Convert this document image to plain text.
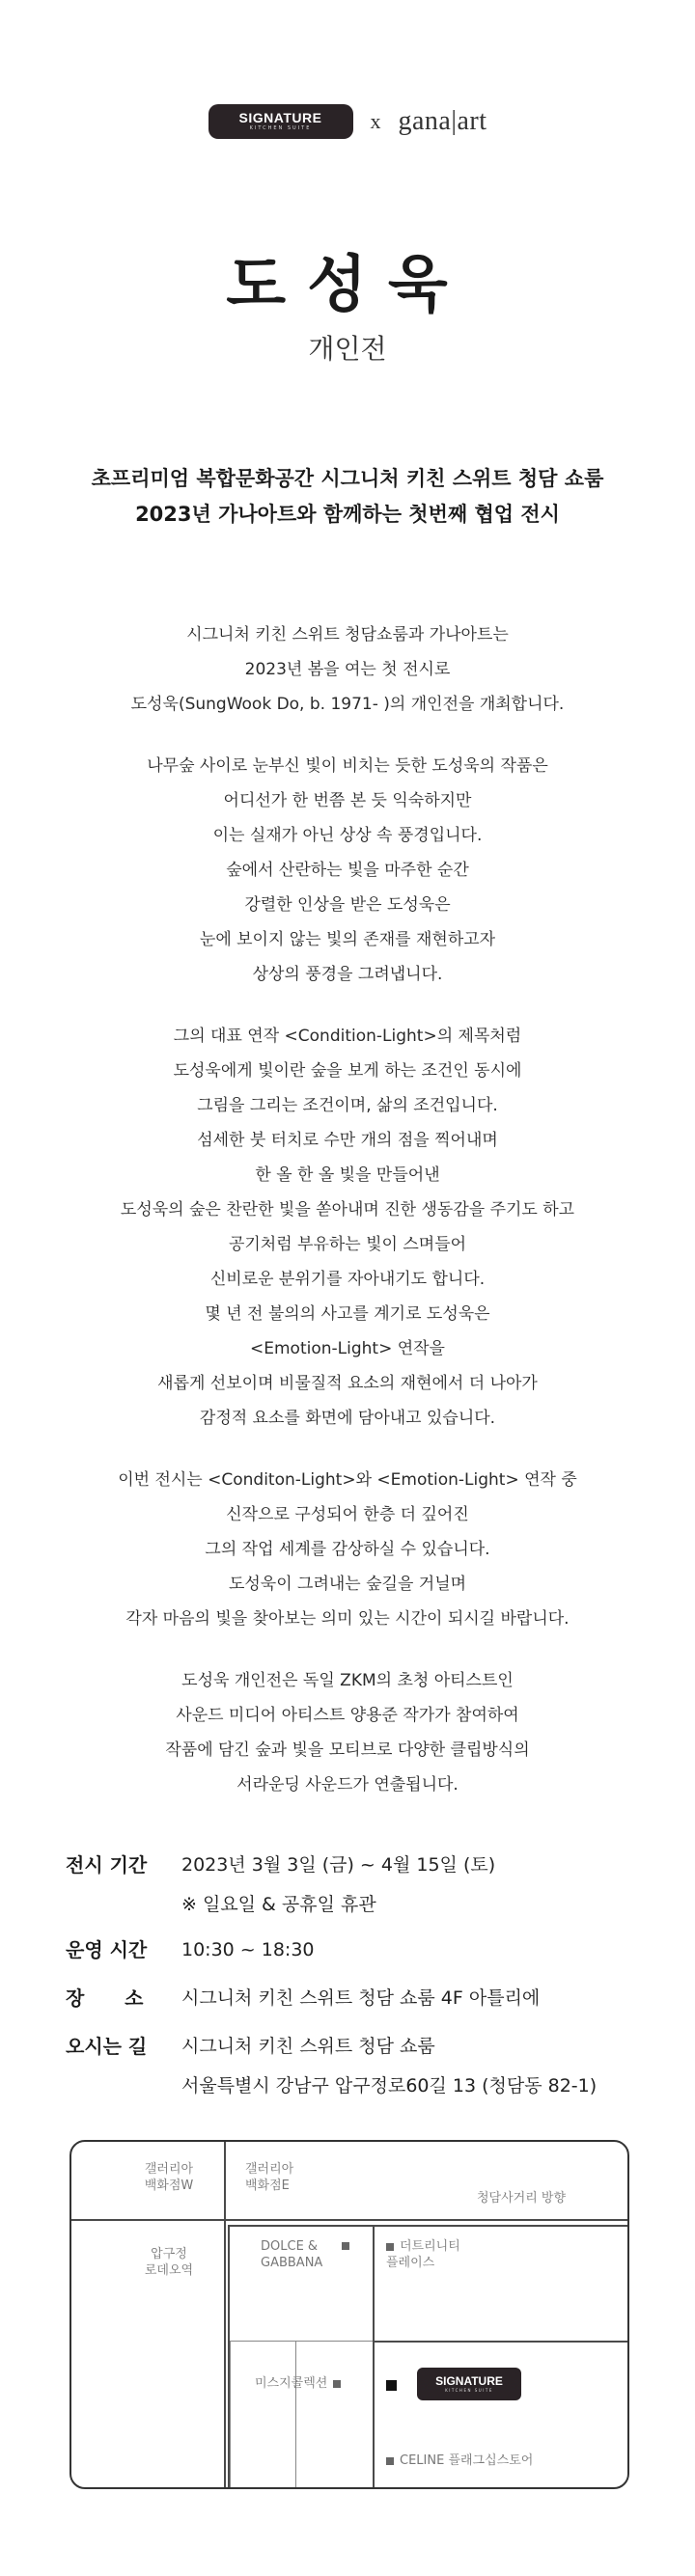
SIGNATURE
KITCHEN SUITE	x gana|art
도성욱
개인전
초프리미엄 복합문화공간 시그니처 키친 스위트 청담 쇼룸
2023년 가나아트와 함께하는 첫번째 협업 전시

시그니처 키친 스위트 청담쇼룸과 가나아트는
2023년 봄을 여는 첫 전시로
도성욱(SungWook Do, b. 1971- )의 개인전을 개최합니다.

나무숲 사이로 눈부신 빛이 비치는 듯한 도성욱의 작품은
어디선가 한 번쯤 본 듯 익숙하지만
이는 실재가 아닌 상상 속 풍경입니다.
숲에서 산란하는 빛을 마주한 순간
강렬한 인상을 받은 도성욱은
눈에 보이지 않는 빛의 존재를 재현하고자
상상의 풍경을 그려냅니다.

그의 대표 연작 <Condition-Light>의 제목처럼
도성욱에게 빛이란 숲을 보게 하는 조건인 동시에
그림을 그리는 조건이며, 삶의 조건입니다.
섬세한 붓 터치로 수만 개의 점을 찍어내며
한 올 한 올 빛을 만들어낸
도성욱의 숲은 찬란한 빛을 쏟아내며 진한 생동감을 주기도 하고
공기처럼 부유하는 빛이 스며들어
신비로운 분위기를 자아내기도 합니다.
몇 년 전 불의의 사고를 계기로 도성욱은
<Emotion-Light> 연작을
새롭게 선보이며 비물질적 요소의 재현에서 더 나아가
감정적 요소를 화면에 담아내고 있습니다.

이번 전시는 <Conditon-Light>와 <Emotion-Light> 연작 중
신작으로 구성되어 한층 더 깊어진
그의 작업 세계를 감상하실 수 있습니다.
도성욱이 그려내는 숲길을 거닐며
각자 마음의 빛을 찾아보는 의미 있는 시간이 되시길 바랍니다.

도성욱 개인전은 독일 ZKM의 초청 아티스트인
사운드 미디어 아티스트 양용준 작가가 참여하여
작품에 담긴 숲과 빛을 모티브로 다양한 클립방식의
서라운딩 사운드가 연출됩니다.

전시 기간	2023년 3월 3일 (금) ~ 4월 15일 (토)
※ 일요일 & 공휴일 휴관
운영 시간	10:30 ~ 18:30
장      소	시그니처 키친 스위트 청담 쇼룸 4F 아틀리에
오시는 길	시그니처 키친 스위트 청담 쇼룸
서울특별시 강남구 압구정로60길 13 (청담동 82-1)
갤러리아
백화점W
갤러리아
백화점E
청담사거리 방향
압구정
로데오역
DOLCE &
GABBANA
더트리니티
플레이스
미스지콜렉션	SIGNATURE
KITCHEN SUITE
CELINE 플래그십스토어
